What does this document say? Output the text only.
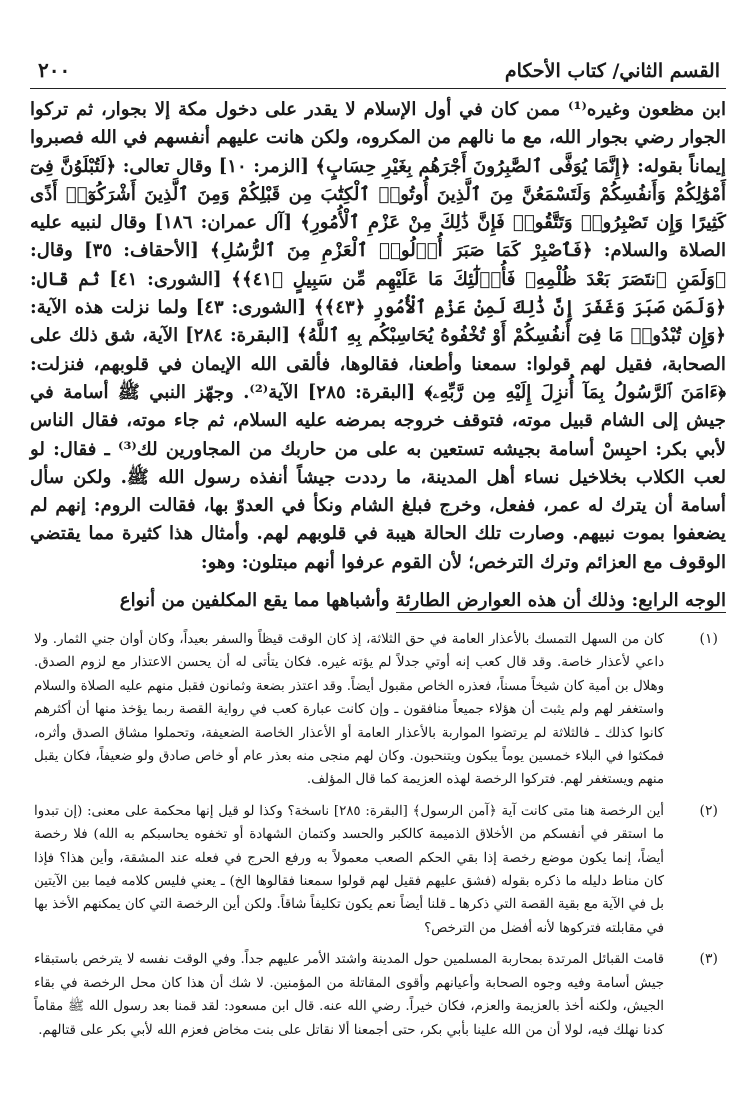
القسم الثاني/ كتاب الأحكام
٢٠٠

ابن مظعون وغيره⁽¹⁾ ممن كان في أول الإسلام لا يقدر على دخول مكة إلا بجوار، ثم تركوا الجوار رضي بجوار الله، مع ما نالهم من المكروه، ولكن هانت عليهم أنفسهم في الله فصبروا إيماناً بقوله: ﴿إِنَّمَا يُوَفَّى ٱلصَّٰبِرُونَ أَجْرَهُم بِغَيْرِ حِسَابٍ﴾ [الزمر: ١٠] وقال تعالى: ﴿لَتُبْلَوُنَّ فِىٓ أَمْوَٰلِكُمْ وَأَنفُسِكُمْ وَلَتَسْمَعُنَّ مِنَ ٱلَّذِينَ أُوتُوا۟ ٱلْكِتَٰبَ مِن قَبْلِكُمْ وَمِنَ ٱلَّذِينَ أَشْرَكُوٓا۟ أَذًى كَثِيرًا وَإِن تَصْبِرُوا۟ وَتَتَّقُوا۟ فَإِنَّ ذَٰلِكَ مِنْ عَزْمِ ٱلْأُمُورِ﴾ [آل عمران: ١٨٦] وقال لنبيه عليه الصلاة والسلام: ﴿فَٱصْبِرْ كَمَا صَبَرَ أُو۟لُوا۟ ٱلْعَزْمِ مِنَ ٱلرُّسُلِ﴾ [الأحقاف: ٣٥] وقال: ﴿وَلَمَنِ ٱنتَصَرَ بَعْدَ ظُلْمِهِۦ فَأُو۟لَٰٓئِكَ مَا عَلَيْهِم مِّن سَبِيلٍ ﴿٤١﴾﴾ [الشورى: ٤١] ثم قال: ﴿وَلَمَن صَبَرَ وَغَفَرَ إِنَّ ذَٰلِكَ لَمِنْ عَزْمِ ٱلْأُمُورِ ﴿٤٣﴾﴾ [الشورى: ٤٣] ولما نزلت هذه الآية: ﴿وَإِن تُبْدُوا۟ مَا فِىٓ أَنفُسِكُمْ أَوْ تُخْفُوهُ يُحَاسِبْكُم بِهِ ٱللَّهُ﴾ [البقرة: ٢٨٤] الآية، شق ذلك على الصحابة، فقيل لهم قولوا: سمعنا وأطعنا، فقالوها، فألقى الله الإيمان في قلوبهم، فنزلت: ﴿ءَامَنَ ٱلرَّسُولُ بِمَآ أُنزِلَ إِلَيْهِ مِن رَّبِّهِۦ﴾ [البقرة: ٢٨٥] الآية⁽²⁾. وجهّز النبي ﷺ أسامة في جيش إلى الشام قبيل موته، فتوقف خروجه بمرضه عليه السلام، ثم جاء موته، فقال الناس لأبي بكر: احبِسْ أسامة بجيشه تستعين به على من حاربك من المجاورين لك⁽³⁾ ـ فقال: لو لعب الكلاب بخلاخيل نساء أهل المدينة، ما رددت جيشاً أنفذه رسول الله ﷺ. ولكن سأل أسامة أن يترك له عمر، ففعل، وخرج فبلغ الشام ونكأ في العدوّ بها، فقالت الروم: إنهم لم يضعفوا بموت نبيهم. وصارت تلك الحالة هيبة في قلوبهم لهم. وأمثال هذا كثيرة مما يقتضي الوقوف مع العزائم وترك الترخص؛ لأن القوم عرفوا أنهم مبتلون: وهو:

الوجه الرابع: وذلك أن هذه العوارض الطارئة وأشباهها مما يقع المكلفين من أنواع

(١)
كان من السهل التمسك بالأعذار العامة في حق الثلاثة، إذ كان الوقت قيظاً والسفر بعيداً، وكان أوان جني الثمار. ولا داعي لأعذار خاصة. وقد قال كعب إنه أوتي جدلاً لم يؤته غيره. فكان يتأتى له أن يحسن الاعتذار مع لزوم الصدق. وهلال بن أمية كان شيخاً مسناً، فعذره الخاص مقبول أيضاً. وقد اعتذر بضعة وثمانون فقبل منهم عليه الصلاة والسلام واستغفر لهم ولم يثبت أن هؤلاء جميعاً منافقون ـ وإن كانت عبارة كعب في رواية القصة ربما يؤخذ منها أن أكثرهم كانوا كذلك ـ فالثلاثة لم يرتضوا المواربة بالأعذار العامة أو الأعذار الخاصة الضعيفة، وتحملوا مشاق الصدق وأثره، فمكثوا في البلاء خمسين يوماً يبكون ويتنحبون. وكان لهم منجى منه بعذر عام أو خاص صادق ولو ضعيفاً، فكان يقبل منهم ويستغفر لهم. فتركوا الرخصة لهذه العزيمة كما قال المؤلف.
(٢)
أين الرخصة هنا متى كانت آية ﴿آمن الرسول﴾ [البقرة: ٢٨٥] ناسخة؟ وكذا لو قيل إنها محكمة على معنى: (إن تبدوا ما استقر في أنفسكم من الأخلاق الذميمة كالكبر والحسد وكتمان الشهادة أو تخفوه يحاسبكم به الله) فلا رخصة أيضاً، إنما يكون موضع رخصة إذا بقي الحكم الصعب معمولاً به ورفع الحرج في فعله عند المشقة، وأين هذا؟ فإذا كان مناط دليله ما ذكره بقوله (فشق عليهم فقيل لهم قولوا سمعنا فقالوها الخ) ـ يعني فليس كلامه فيما بين الآيتين بل في الآية مع بقية القصة التي ذكرها ـ قلنا أيضاً نعم يكون تكليفاً شاقاً. ولكن أين الرخصة التي كان يمكنهم الأخذ بها في مقابلته فتركوها لأنه أفضل من الترخص؟
(٣)
قامت القبائل المرتدة بمحاربة المسلمين حول المدينة واشتد الأمر عليهم جداً. وفي الوقت نفسه لا يترخص باستبقاء جيش أسامة وفيه وجوه الصحابة وأعيانهم وأقوى المقاتلة من المؤمنين. لا شك أن هذا كان محل الرخصة في بقاء الجيش، ولكنه أخذ بالعزيمة والعزم، فكان خيراً. رضي الله عنه. قال ابن مسعود: لقد قمنا بعد رسول الله ﷺ مقاماً كدنا نهلك فيه، لولا أن من الله علينا بأبي بكر، حتى أجمعنا ألا نقاتل على بنت مخاض فعزم الله لأبي بكر على قتالهم.
